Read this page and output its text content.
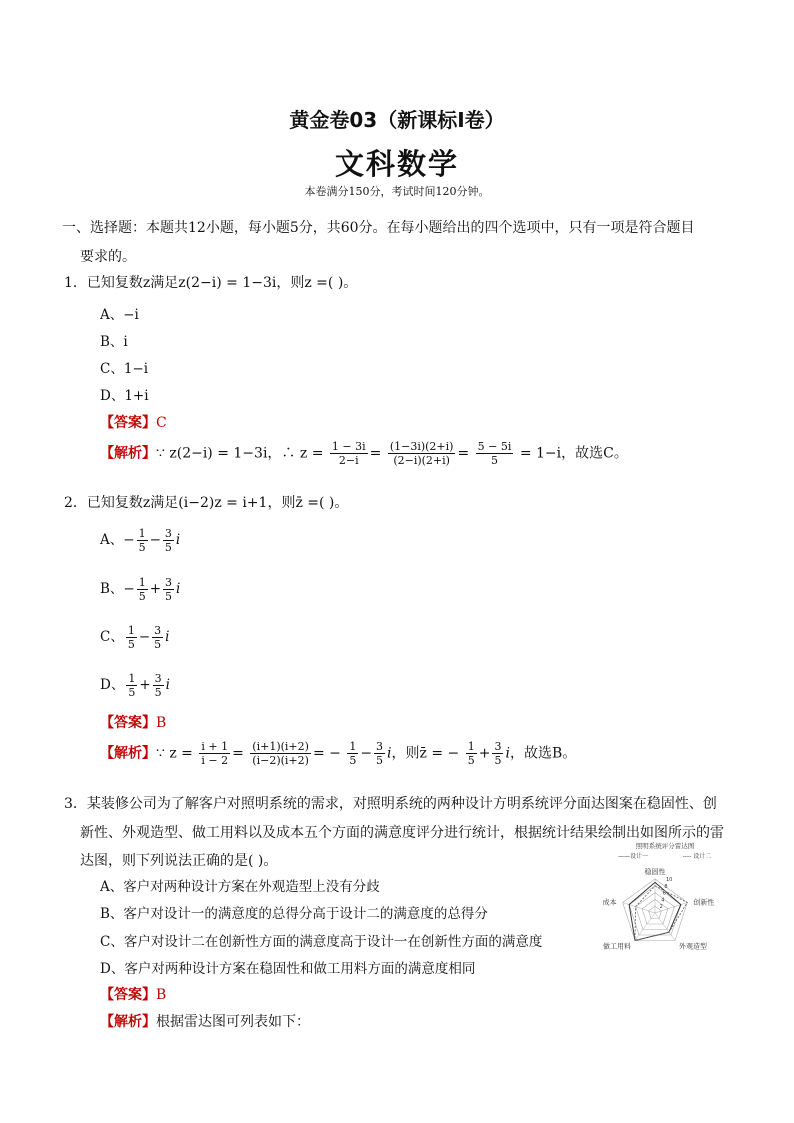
黄金卷03（新课标Ⅰ卷）
文科数学
本卷满分150分，考试时间120分钟。
一、选择题：本题共12小题，每小题5分，共60分。在每小题给出的四个选项中，只有一项是符合题目
要求的。
1．已知复数z满足z(2−i) = 1−3i，则z =( )。
A、−i
B、i
C、1−i
D、1+i
【答案】C
【解析】∵ z(2−i) = 1−3i，∴ $z = \frac{1 - 3i}{2-i} = \frac{(1-3i)(2+i)}{(2-i)(2+i)} = \frac{5 - 5i}{5} = 1-i$，故选C。
2．已知复数z满足(i−2)z = i+1，则z̄ =( )。
A、− $\frac{1}{5} - \frac{3}{5}$ i
B、− $\frac{1}{5} + \frac{3}{5}$ i
C、 $\frac{1}{5} - \frac{3}{5}$ i
D、 $\frac{1}{5} + \frac{3}{5}$ i
【答案】B
【解析】∵ $z = \frac{i + 1}{i - 2} = \frac{(i+1)(i+2)}{(i-2)(i+2)}$ = − $\frac{1}{5} - \frac{3}{5}$ i，则z̄ = − $\frac{1}{5} + \frac{3}{5}$ i，故选B。
3．某装修公司为了解客户对照明系统的需求，对照明系统的两种设计方明系统评分面达图案在稳固性、创
新性、外观造型、做工用料以及成本五个方面的满意度评分进行统计，根据统计结果绘制出如图所示的雷
达图，则下列说法正确的是( )。
A、客户对两种设计方案在外观造型上没有分歧
B、客户对设计一的满意度的总得分高于设计二的满意度的总得分
C、客户对设计二在创新性方面的满意度高于设计一在创新性方面的满意度
D、客户对两种设计方案在稳固性和做工用料方面的满意度相同
【答案】B
【解析】根据雷达图可列表如下：
照明系统评分雷达图
——设计一	---- 设计二
10
8
6
4
2
稳固性
创新性
外观造型
做工用料
成本
